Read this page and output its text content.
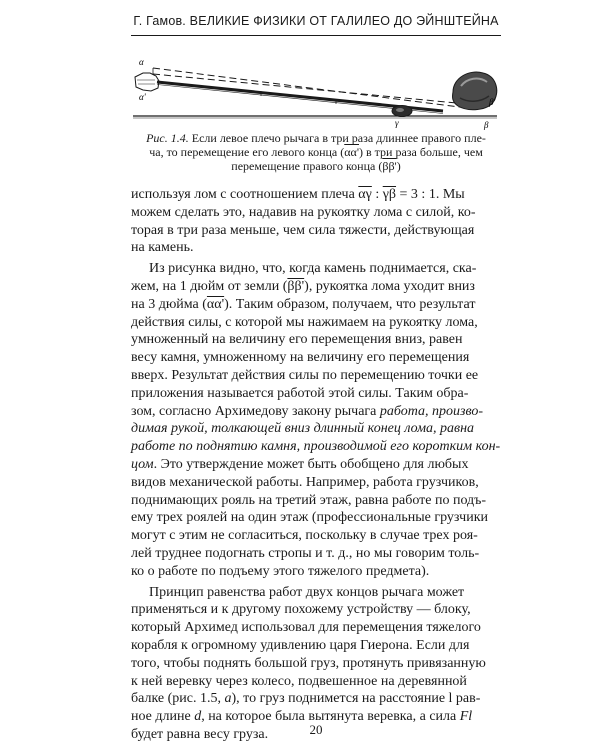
Г. Гамов. ВЕЛИКИЕ ФИЗИКИ ОТ ГАЛИЛЕО ДО ЭЙНШТЕЙНА
α
α'
γ
β'
β
Рис. 1.4. Если левое плечо рычага в три раза длиннее правого пле-
ча, то перемещение его левого конца (αα') в три раза больше, чем
перемещение правого конца (ββ')
используя лом с соотношением плеча $\overline{\alpha\gamma}$ : $\overline{\gamma\beta} = 3$ : 1. Мы
можем сделать это, надавив на рукоятку лома с силой, ко-
торая в три раза меньше, чем сила тяжести, действующая
на камень.
Из рисунка видно, что, когда камень поднимается, ска-
жем, на 1 дюйм от земли (ββ'), рукоятка лома уходит вниз
на 3 дюйма (αα'). Таким образом, получаем, что результат
действия силы, с которой мы нажимаем на рукоятку лома,
умноженный на величину его перемещения вниз, равен
весу камня, умноженному на величину его перемещения
вверх. Результат действия силы по перемещению точки ее
приложения называется работой этой силы. Таким обра-
зом, согласно Архимедову закону рычага работа, произво-
димая рукой, толкающей вниз длинный конец лома, равна
работе по поднятию камня, производимой его коротким кон-
цом. Это утверждение может быть обобщено для любых
видов механической работы. Например, работа грузчиков,
поднимающих рояль на третий этаж, равна работе по подъ-
ему трех роялей на один этаж (профессиональные грузчики
могут с этим не согласиться, поскольку в случае трех роя-
лей труднее подогнать стропы и т. д., но мы говорим толь-
ко о работе по подъему этого тяжелого предмета).
Принцип равенства работ двух концов рычага может
применяться и к другому похожему устройству — блоку,
который Архимед использовал для перемещения тяжелого
корабля к огромному удивлению царя Гиерона. Если для
того, чтобы поднять большой груз, протянуть привязанную
к ней веревку через колесо, подвешенное на деревянной
балке (рис. 1.5, а), то груз поднимется на расстояние l рав-
ное длине d, на которое была вытянута веревка, а сила Fl
будет равна весу груза.	20
